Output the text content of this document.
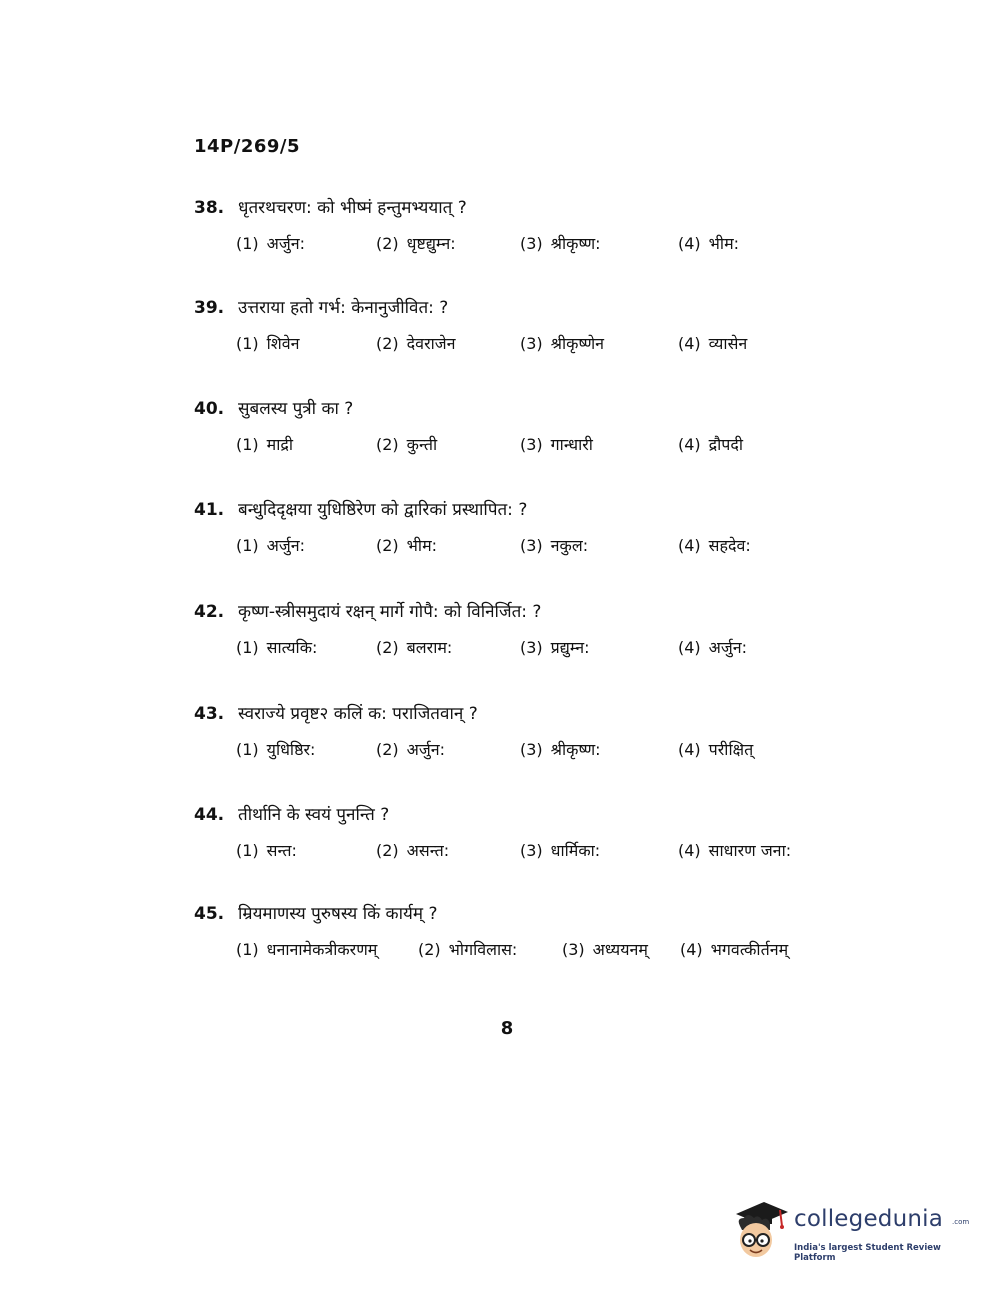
14P/269/5
38. धृतरथचरण: को भीष्मं हन्तुमभ्ययात् ?
(1) अर्जुन:	(2) धृष्टद्युम्न:	(3) श्रीकृष्ण:	(4) भीम:
39. उत्तराया हतो गर्भ: केनानुजीवित: ?
(1) शिवेन	(2) देवराजेन	(3) श्रीकृष्णेन	(4) व्यासेन
40. सुबलस्य पुत्री का ?
(1) माद्री	(2) कुन्ती	(3) गान्धारी	(4) द्रौपदी
41. बन्धुदिदृक्षया युधिष्ठिरेण को द्वारिकां प्रस्थापित: ?
(1) अर्जुन:	(2) भीम:	(3) नकुल:	(4) सहदेव:
42. कृष्ण-स्त्रीसमुदायं रक्षन् मार्गे गोपै: को विनिर्जित: ?
(1) सात्यकि:	(2) बलराम:	(3) प्रद्युम्न:	(4) अर्जुन:
43. स्वराज्ये प्रवृष्ट२ कलिं क: पराजितवान् ?
(1) युधिष्ठिर:	(2) अर्जुन:	(3) श्रीकृष्ण:	(4) परीक्षित्
44. तीर्थानि के स्वयं पुनन्ति ?
(1) सन्त:	(2) असन्त:	(3) धार्मिका:	(4) साधारण जना:
45. म्रियमाणस्य पुरुषस्य किं कार्यम् ?
(1) धनानामेकत्रीकरणम्	(2) भोगविलास:	(3) अध्ययनम् (4) भगवत्कीर्तनम्
8
collegedunia .com
India's largest Student Review Platform
